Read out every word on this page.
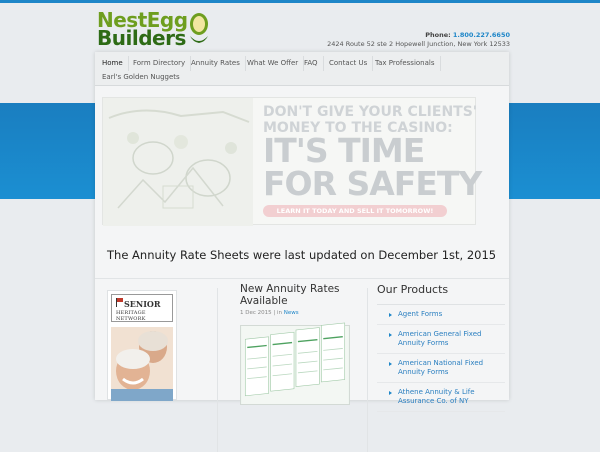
NestEgg
Builders	Phone: 1.800.227.6650
2424 Route 52 ste 2 Hopewell Junction, New York 12533
Home	Form Directory Annuity Rates	What We Offer FAQ	Contact Us	Tax Professionals
Earl's Golden Nuggets
DON'T GIVE YOUR CLIENTS'
MONEY TO THE CASINO:
IT'S TIME
FOR SAFETY
LEARN IT TODAY AND SELL IT TOMORROW!
The Annuity Rate Sheets were last updated on December 1st, 2015
SENIOR
HERITAGE NETWORK
New Annuity Rates Available
1 Dec 2015 | in News
Our Products
Agent Forms
American General Fixed Annuity Forms
American National Fixed Annuity Forms
Athene Annuity & Life Assurance Co. of NY
